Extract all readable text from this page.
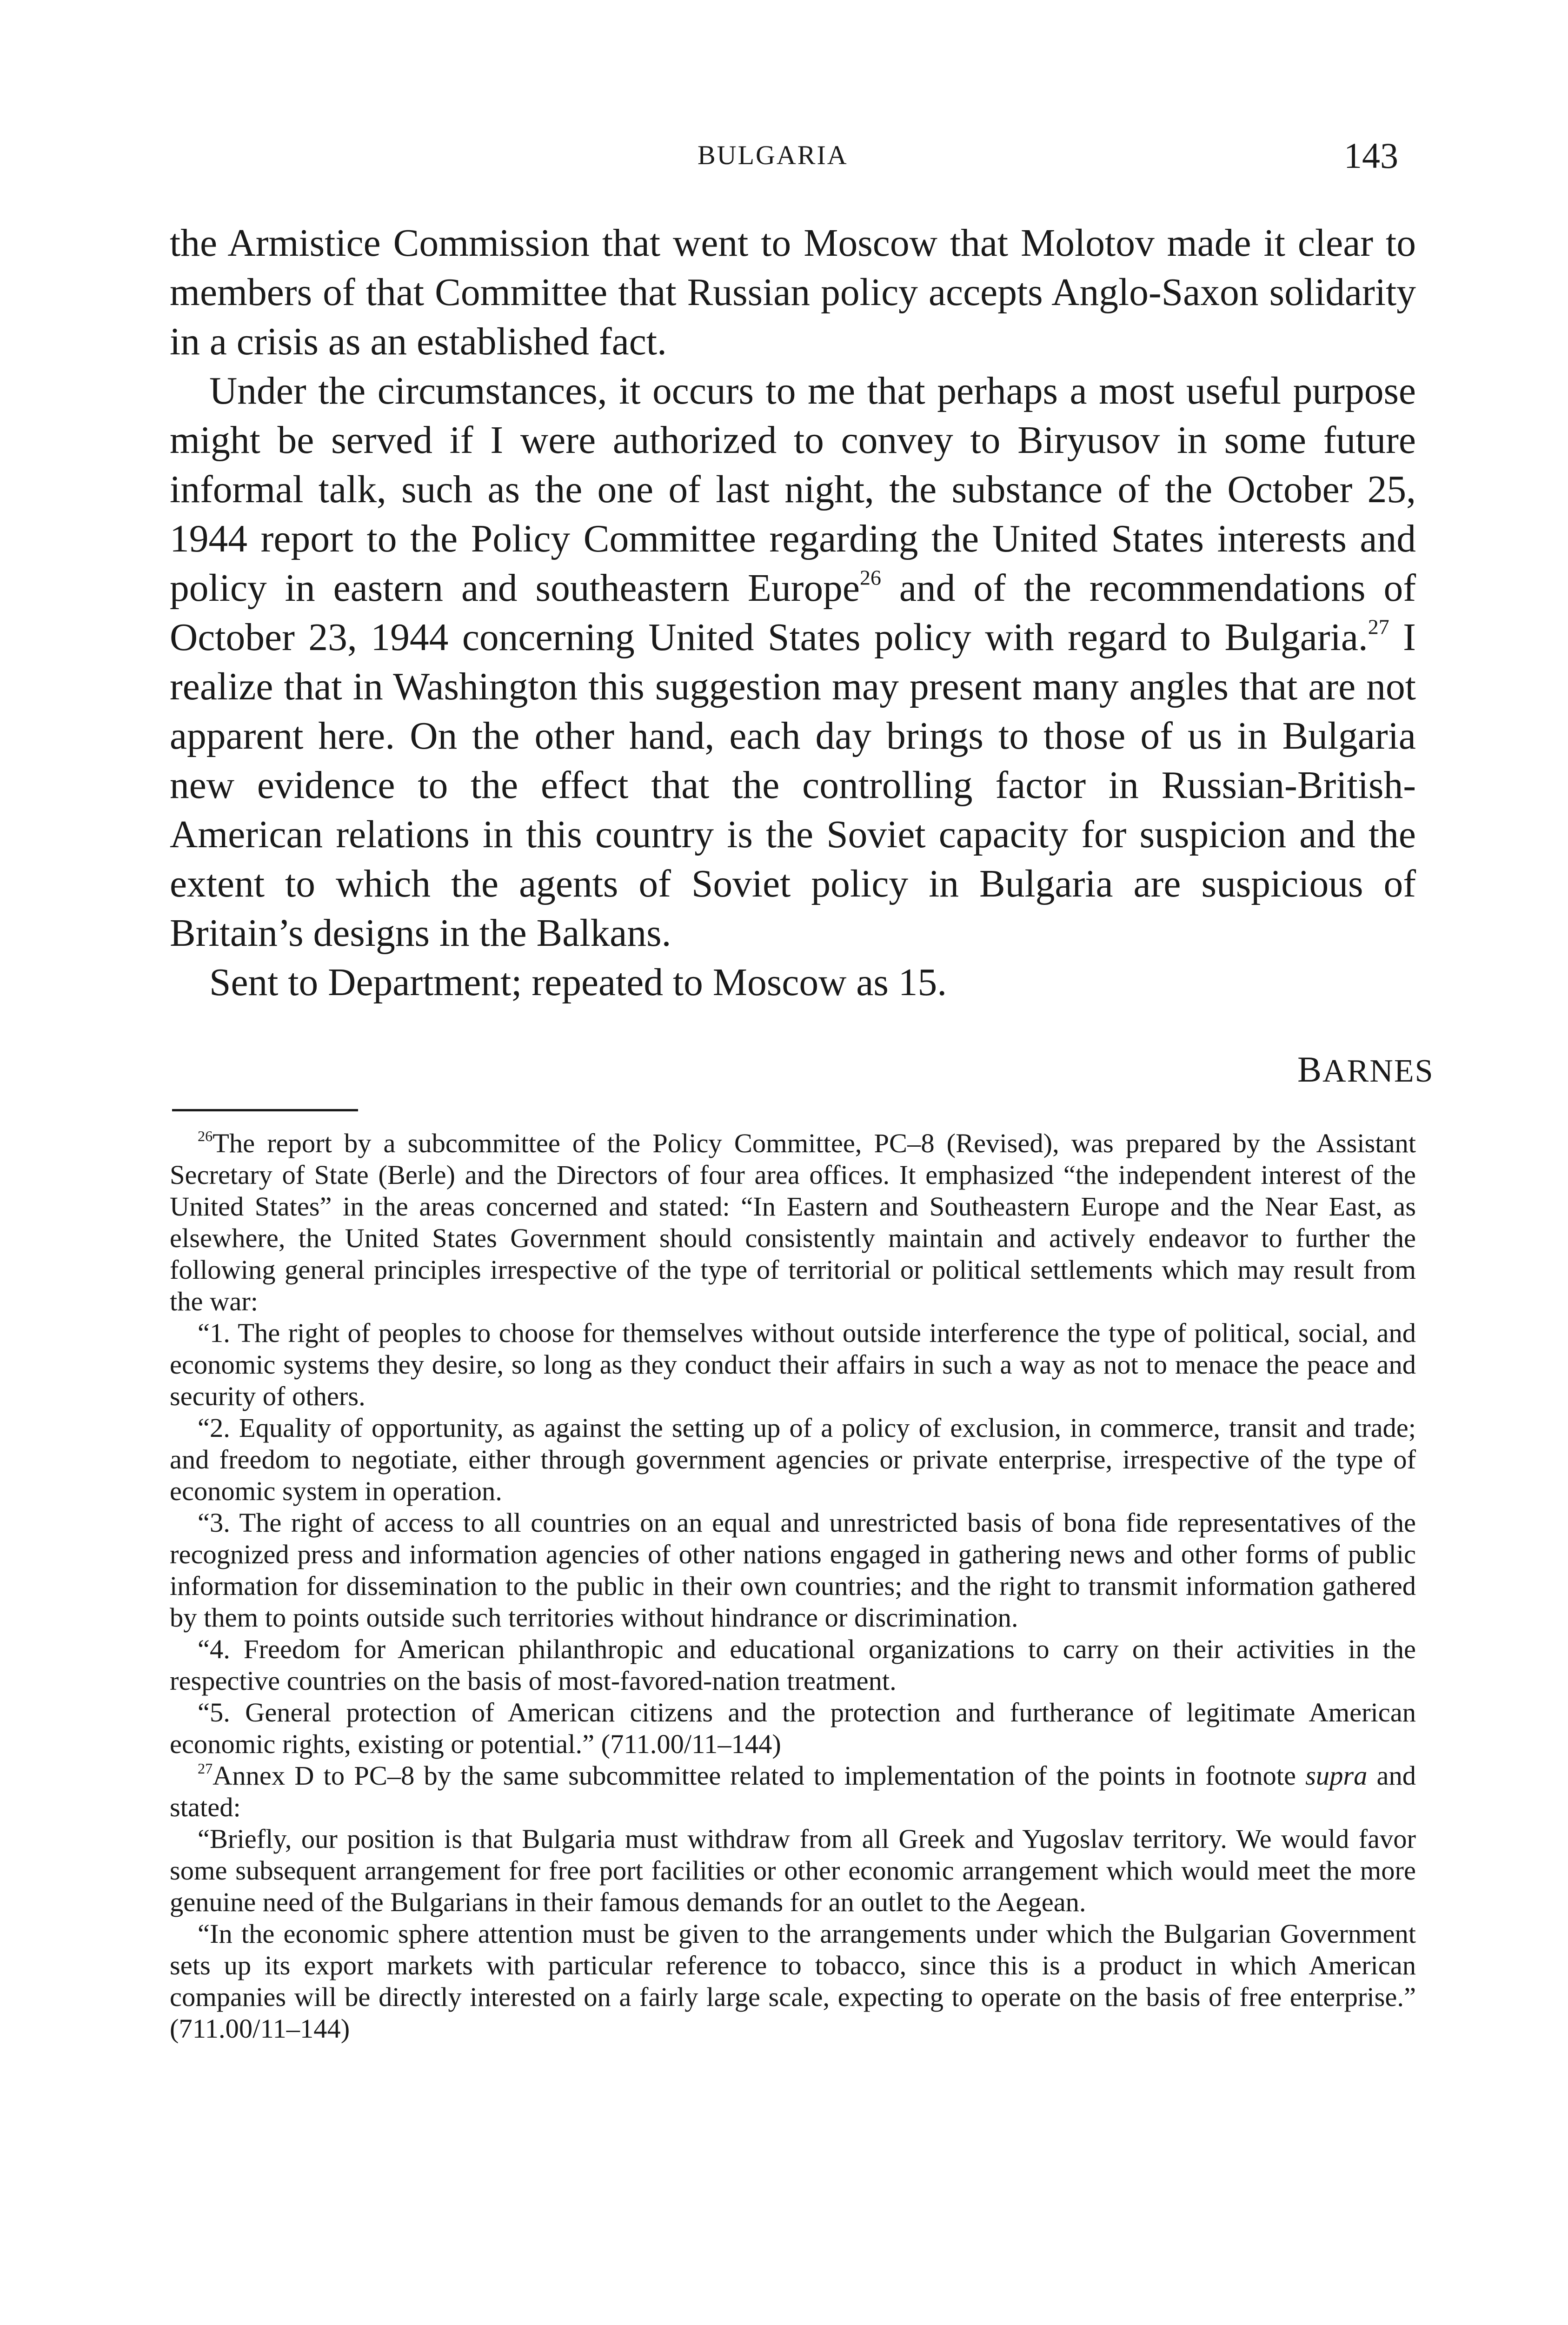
BULGARIA	143

the Armistice Commission that went to Moscow that Molotov made it clear to members of that Committee that Russian policy accepts Anglo-Saxon solidarity in a crisis as an established fact.

Under the circumstances, it occurs to me that perhaps a most useful purpose might be served if I were authorized to convey to Biryusov in some future informal talk, such as the one of last night, the substance of the October 25, 1944 report to the Policy Committee regarding the United States interests and policy in eastern and southeastern Europe$^{26}$ and of the recommendations of October 23, 1944 concerning United States policy with regard to Bulgaria.$^{27}$ I realize that in Washington this suggestion may present many angles that are not apparent here. On the other hand, each day brings to those of us in Bulgaria new evidence to the effect that the controlling factor in Russian-British-American relations in this country is the Soviet capacity for suspicion and the extent to which the agents of Soviet policy in Bulgaria are suspicious of Britain’s designs in the Balkans.

Sent to Department; repeated to Moscow as 15.

BARNES

$^{26}$The report by a subcommittee of the Policy Committee, PC–8 (Revised), was prepared by the Assistant Secretary of State (Berle) and the Directors of four area offices. It emphasized “the independent interest of the United States” in the areas concerned and stated: “In Eastern and Southeastern Europe and the Near East, as elsewhere, the United States Government should consistently maintain and actively endeavor to further the following general principles irrespective of the type of territorial or political settlements which may result from the war:

“1. The right of peoples to choose for themselves without outside interference the type of political, social, and economic systems they desire, so long as they conduct their affairs in such a way as not to menace the peace and security of others.

“2. Equality of opportunity, as against the setting up of a policy of exclusion, in commerce, transit and trade; and freedom to negotiate, either through government agencies or private enterprise, irrespective of the type of economic system in operation.

“3. The right of access to all countries on an equal and unrestricted basis of bona fide representatives of the recognized press and information agencies of other nations engaged in gathering news and other forms of public information for dissemination to the public in their own countries; and the right to transmit information gathered by them to points outside such territories without hindrance or discrimination.

“4. Freedom for American philanthropic and educational organizations to carry on their activities in the respective countries on the basis of most-favored-nation treatment.

“5. General protection of American citizens and the protection and furtherance of legitimate American economic rights, existing or potential.” (711.00/11–144)

$^{27}$Annex D to PC–8 by the same subcommittee related to implementation of the points in footnote supra and stated:

“Briefly, our position is that Bulgaria must withdraw from all Greek and Yugoslav territory. We would favor some subsequent arrangement for free port facilities or other economic arrangement which would meet the more genuine need of the Bulgarians in their famous demands for an outlet to the Aegean.

“In the economic sphere attention must be given to the arrangements under which the Bulgarian Government sets up its export markets with particular reference to tobacco, since this is a product in which American companies will be directly interested on a fairly large scale, expecting to operate on the basis of free enterprise.” (711.00/11–144)
